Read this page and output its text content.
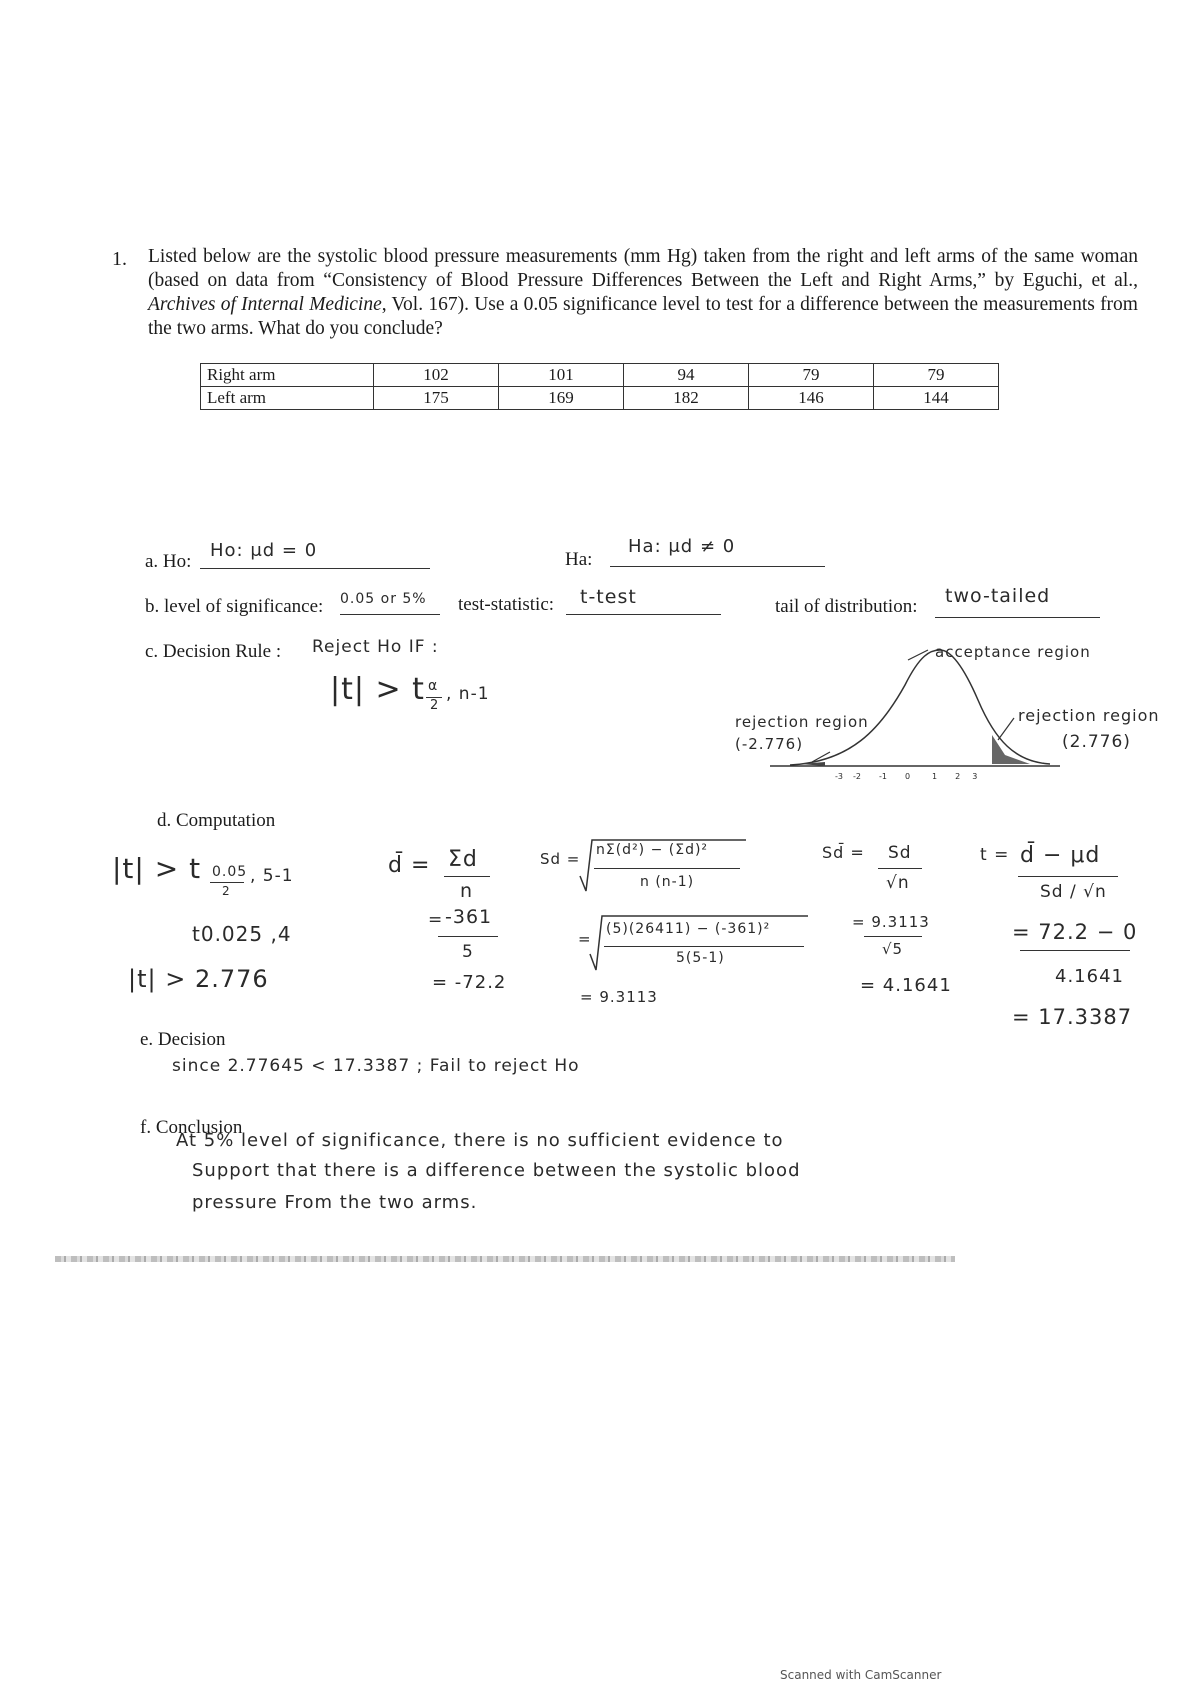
1. Listed below are the systolic blood pressure measurements (mm Hg) taken from the right and left arms of the same woman (based on data from “Consistency of Blood Pressure Differences Between the Left and Right Arms,” by Eguchi, et al., Archives of Internal Medicine, Vol. 167). Use a 0.05 significance level to test for a difference between the measurements from the two arms. What do you conclude?
Right arm	102	101	94	79	79
Left arm	175	169	182	146	144
a. Ho:
Ho: μd = 0	Ha:
Ha: μd ≠ 0
b. level of significance: 0.05 or 5% test-statistic: t-test	tail of distribution: two-tailed
c. Decision Rule : Reject Ho IF :
|t| > t α
2
, n-1
acceptance region
rejection region
(-2.776)
rejection region
(2.776)
-3 -2 -1 0	1 2 3
d. Computation
|t| > t 0.05
2
, 5-1
t0.025 ,4
|t| > 2.776
d̄ = Σd
n
= -361
5
= -72.2
Sd = nΣ(d²) − (Σd)²
n (n-1)
=
(5)(26411) − (-361)²
5(5-1)
= 9.3113
Sd̄ = Sd
√n
= 9.3113
√5
= 4.1641
t = d̄ − μd
Sd / √n
= 72.2 − 0
4.1641
= 17.3387
e. Decision
since 2.77645 < 17.3387 ; Fail to reject Ho
f. Conclusion
At 5% level of significance, there is no sufficient evidence to
Support that there is a difference between the systolic blood
pressure From the two arms.
Scanned with CamScanner
